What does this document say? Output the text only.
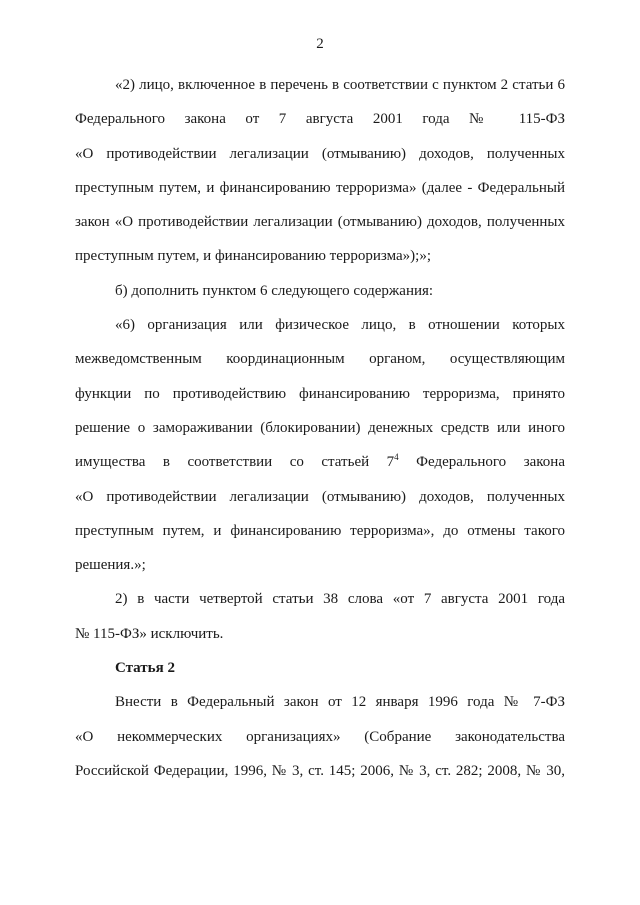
2
«2) лицо, включенное в перечень в соответствии с пунктом 2 статьи 6
Федерального закона от 7 августа 2001 года № 115-ФЗ
«О противодействии легализации (отмыванию) доходов, полученных
преступным путем, и финансированию терроризма» (далее - Федеральный
закон «О противодействии легализации (отмыванию) доходов, полученных
преступным путем, и финансированию терроризма»);»;
б) дополнить пунктом 6 следующего содержания:
«6) организация или физическое лицо, в отношении которых
межведомственным координационным органом, осуществляющим
функции по противодействию финансированию терроризма, принято
решение о замораживании (блокировании) денежных средств или иного
имущества в соответствии со статьей $7^4$ Федерального закона
«О противодействии легализации (отмыванию) доходов, полученных
преступным путем, и финансированию терроризма», до отмены такого
решения.»;
2) в части четвертой статьи 38 слова «от 7 августа 2001 года
№ 115-ФЗ» исключить.
Статья 2
Внести в Федеральный закон от 12 января 1996 года № 7-ФЗ
«О некоммерческих организациях» (Собрание законодательства
Российской Федерации, 1996, № 3, ст. 145; 2006, № 3, ст. 282; 2008, № 30,
